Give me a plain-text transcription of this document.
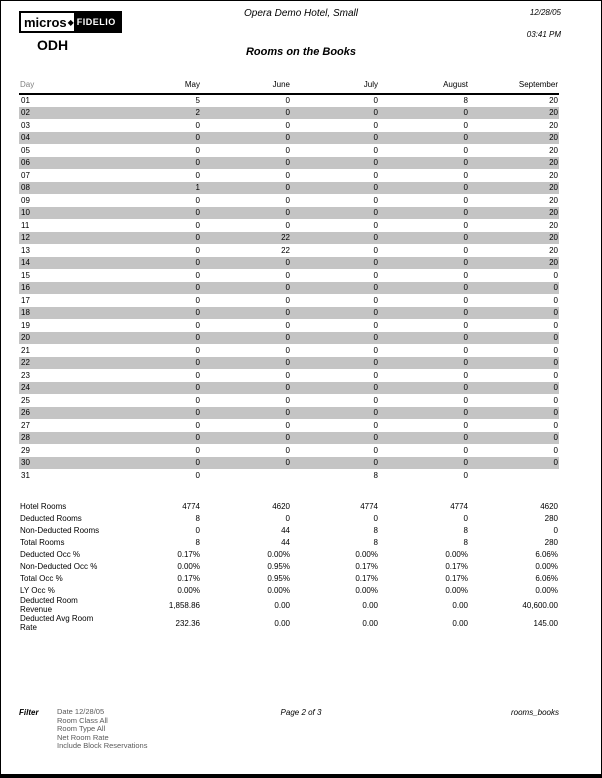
micros ◆ FIDELIO
ODH
Opera Demo Hotel, Small	12/28/05
03:41 PM
Rooms on the Books
Day	May	June	July	August	September
01	5	0	0	8	20
02	2	0	0	0	20
03	0	0	0	0	20
04	0	0	0	0	20
05	0	0	0	0	20
06	0	0	0	0	20
07	0	0	0	0	20
08	1	0	0	0	20
09	0	0	0	0	20
10	0	0	0	0	20
11	0	0	0	0	20
12	0	22	0	0	20
13	0	22	0	0	20
14	0	0	0	0	20
15	0	0	0	0	0
16	0	0	0	0	0
17	0	0	0	0	0
18	0	0	0	0	0
19	0	0	0	0	0
20	0	0	0	0	0
21	0	0	0	0	0
22	0	0	0	0	0
23	0	0	0	0	0
24	0	0	0	0	0
25	0	0	0	0	0
26	0	0	0	0	0
27	0	0	0	0	0
28	0	0	0	0	0
29	0	0	0	0	0
30	0	0	0	0	0
31	0		8	0	
Hotel Rooms	4774	4620	4774	4774	4620
Deducted Rooms	8	0	0	0	280
Non-Deducted Rooms	0	44	8	8	0
Total Rooms	8	44	8	8	280
Deducted Occ %	0.17%	0.00%	0.00%	0.00%	6.06%
Non-Deducted Occ %	0.00%	0.95%	0.17%	0.17%	0.00%
Total Occ %	0.17%	0.95%	0.17%	0.17%	6.06%
LY Occ %	0.00%	0.00%	0.00%	0.00%	0.00%
Deducted Room Revenue	1,858.86	0.00	0.00	0.00	40,600.00
Deducted Avg Room Rate	232.36	0.00	0.00	0.00	145.00
Filter Date 12/28/05
Room Class All
Room Type All
Net Room Rate
Include Block Reservations
Page 2 of 3	rooms_books
